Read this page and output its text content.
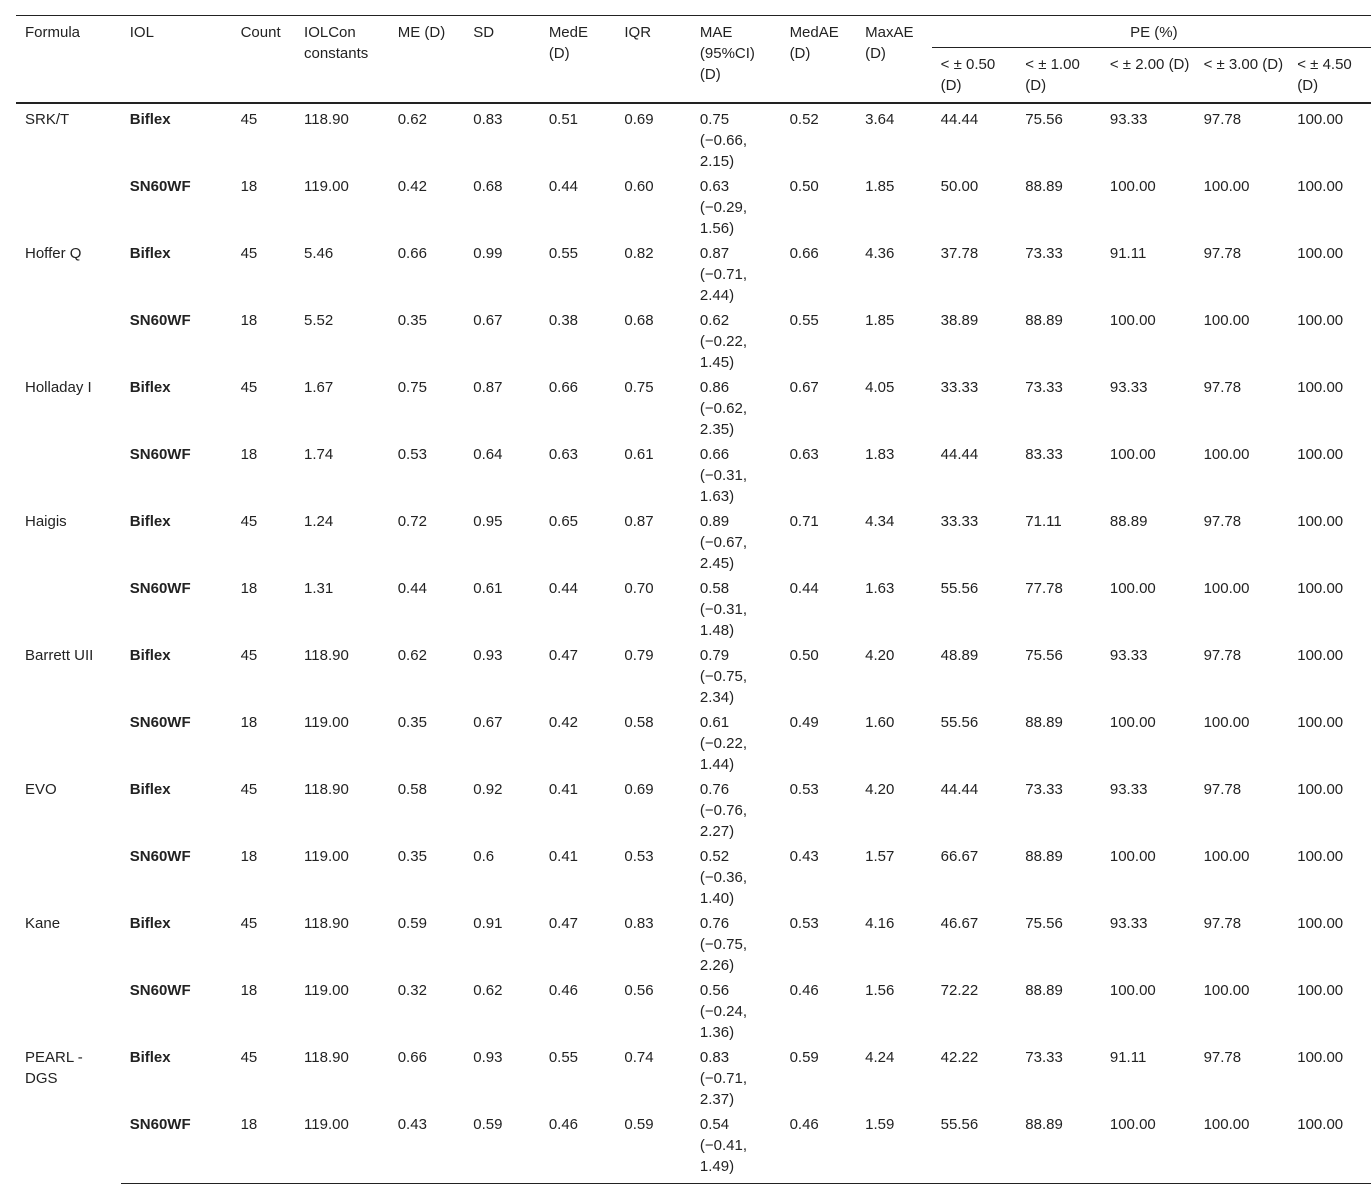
Formula	IOL	Count	IOLCon constants	ME (D)	SD	MedE (D)	IQR	MAE (95%CI) (D)	MedAE (D)	MaxAE (D)	PE (%)				
											< ± 0.50 (D)	< ± 1.00 (D)	< ± 2.00 (D)	< ± 3.00 (D)	< ± 4.50 (D)
SRK/T	Biflex	45	118.90	0.62	0.83	0.51	0.69	0.75 (−0.66, 2.15)	0.52	3.64	44.44	75.56	93.33	97.78	100.00
	SN60WF	18	119.00	0.42	0.68	0.44	0.60	0.63 (−0.29, 1.56)	0.50	1.85	50.00	88.89	100.00	100.00	100.00
Hoffer Q	Biflex	45	5.46	0.66	0.99	0.55	0.82	0.87 (−0.71, 2.44)	0.66	4.36	37.78	73.33	91.11	97.78	100.00
	SN60WF	18	5.52	0.35	0.67	0.38	0.68	0.62 (−0.22, 1.45)	0.55	1.85	38.89	88.89	100.00	100.00	100.00
Holladay I	Biflex	45	1.67	0.75	0.87	0.66	0.75	0.86 (−0.62, 2.35)	0.67	4.05	33.33	73.33	93.33	97.78	100.00
	SN60WF	18	1.74	0.53	0.64	0.63	0.61	0.66 (−0.31, 1.63)	0.63	1.83	44.44	83.33	100.00	100.00	100.00
Haigis	Biflex	45	1.24	0.72	0.95	0.65	0.87	0.89 (−0.67, 2.45)	0.71	4.34	33.33	71.11	88.89	97.78	100.00
	SN60WF	18	1.31	0.44	0.61	0.44	0.70	0.58 (−0.31, 1.48)	0.44	1.63	55.56	77.78	100.00	100.00	100.00
Barrett UII	Biflex	45	118.90	0.62	0.93	0.47	0.79	0.79 (−0.75, 2.34)	0.50	4.20	48.89	75.56	93.33	97.78	100.00
	SN60WF	18	119.00	0.35	0.67	0.42	0.58	0.61 (−0.22, 1.44)	0.49	1.60	55.56	88.89	100.00	100.00	100.00
EVO	Biflex	45	118.90	0.58	0.92	0.41	0.69	0.76 (−0.76, 2.27)	0.53	4.20	44.44	73.33	93.33	97.78	100.00
	SN60WF	18	119.00	0.35	0.6	0.41	0.53	0.52 (−0.36, 1.40)	0.43	1.57	66.67	88.89	100.00	100.00	100.00
Kane	Biflex	45	118.90	0.59	0.91	0.47	0.83	0.76 (−0.75, 2.26)	0.53	4.16	46.67	75.56	93.33	97.78	100.00
	SN60WF	18	119.00	0.32	0.62	0.46	0.56	0.56 (−0.24, 1.36)	0.46	1.56	72.22	88.89	100.00	100.00	100.00
PEARL - DGS	Biflex	45	118.90	0.66	0.93	0.55	0.74	0.83 (−0.71, 2.37)	0.59	4.24	42.22	73.33	91.11	97.78	100.00
	SN60WF	18	119.00	0.43	0.59	0.46	0.59	0.54 (−0.41, 1.49)	0.46	1.59	55.56	88.89	100.00	100.00	100.00
